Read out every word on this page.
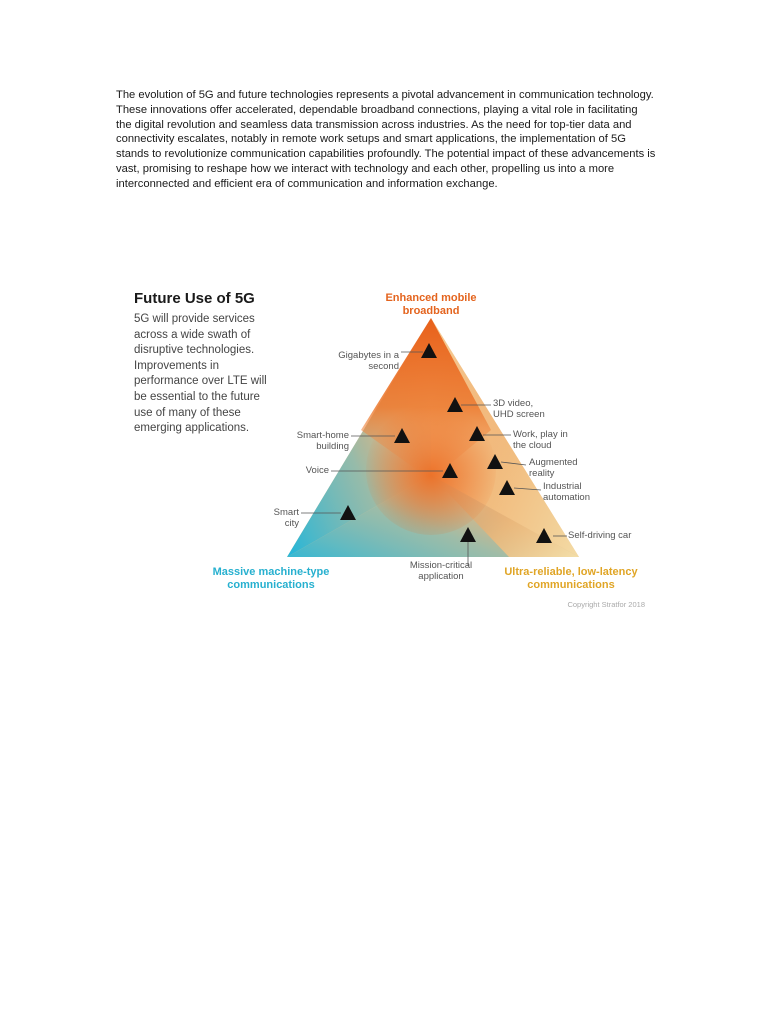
The evolution of 5G and future technologies represents a pivotal advancement in communication technology. These innovations offer accelerated, dependable broadband connections, playing a vital role in facilitating the digital revolution and seamless data transmission across industries. As the need for top-tier data and connectivity escalates, notably in remote work setups and smart applications, the implementation of 5G stands to revolutionize communication capabilities profoundly. The potential impact of these advancements is vast, promising to reshape how we interact with technology and each other, propelling us into a more interconnected and efficient era of communication and information exchange.

Future Use of 5G

5G will provide services across a wide swath of disruptive technologies. Improvements in performance over LTE will be essential to the future use of many of these emerging applications.

Enhanced mobile broadband
Massive machine-type communications
Ultra-reliable, low-latency communications
Gigabytes in a second
3D video, UHD screen
Smart-home building
Work, play in the cloud
Voice
Augmented reality
Industrial automation
Smart city
Self-driving car
Mission-critical application
Copyright Stratfor 2018
